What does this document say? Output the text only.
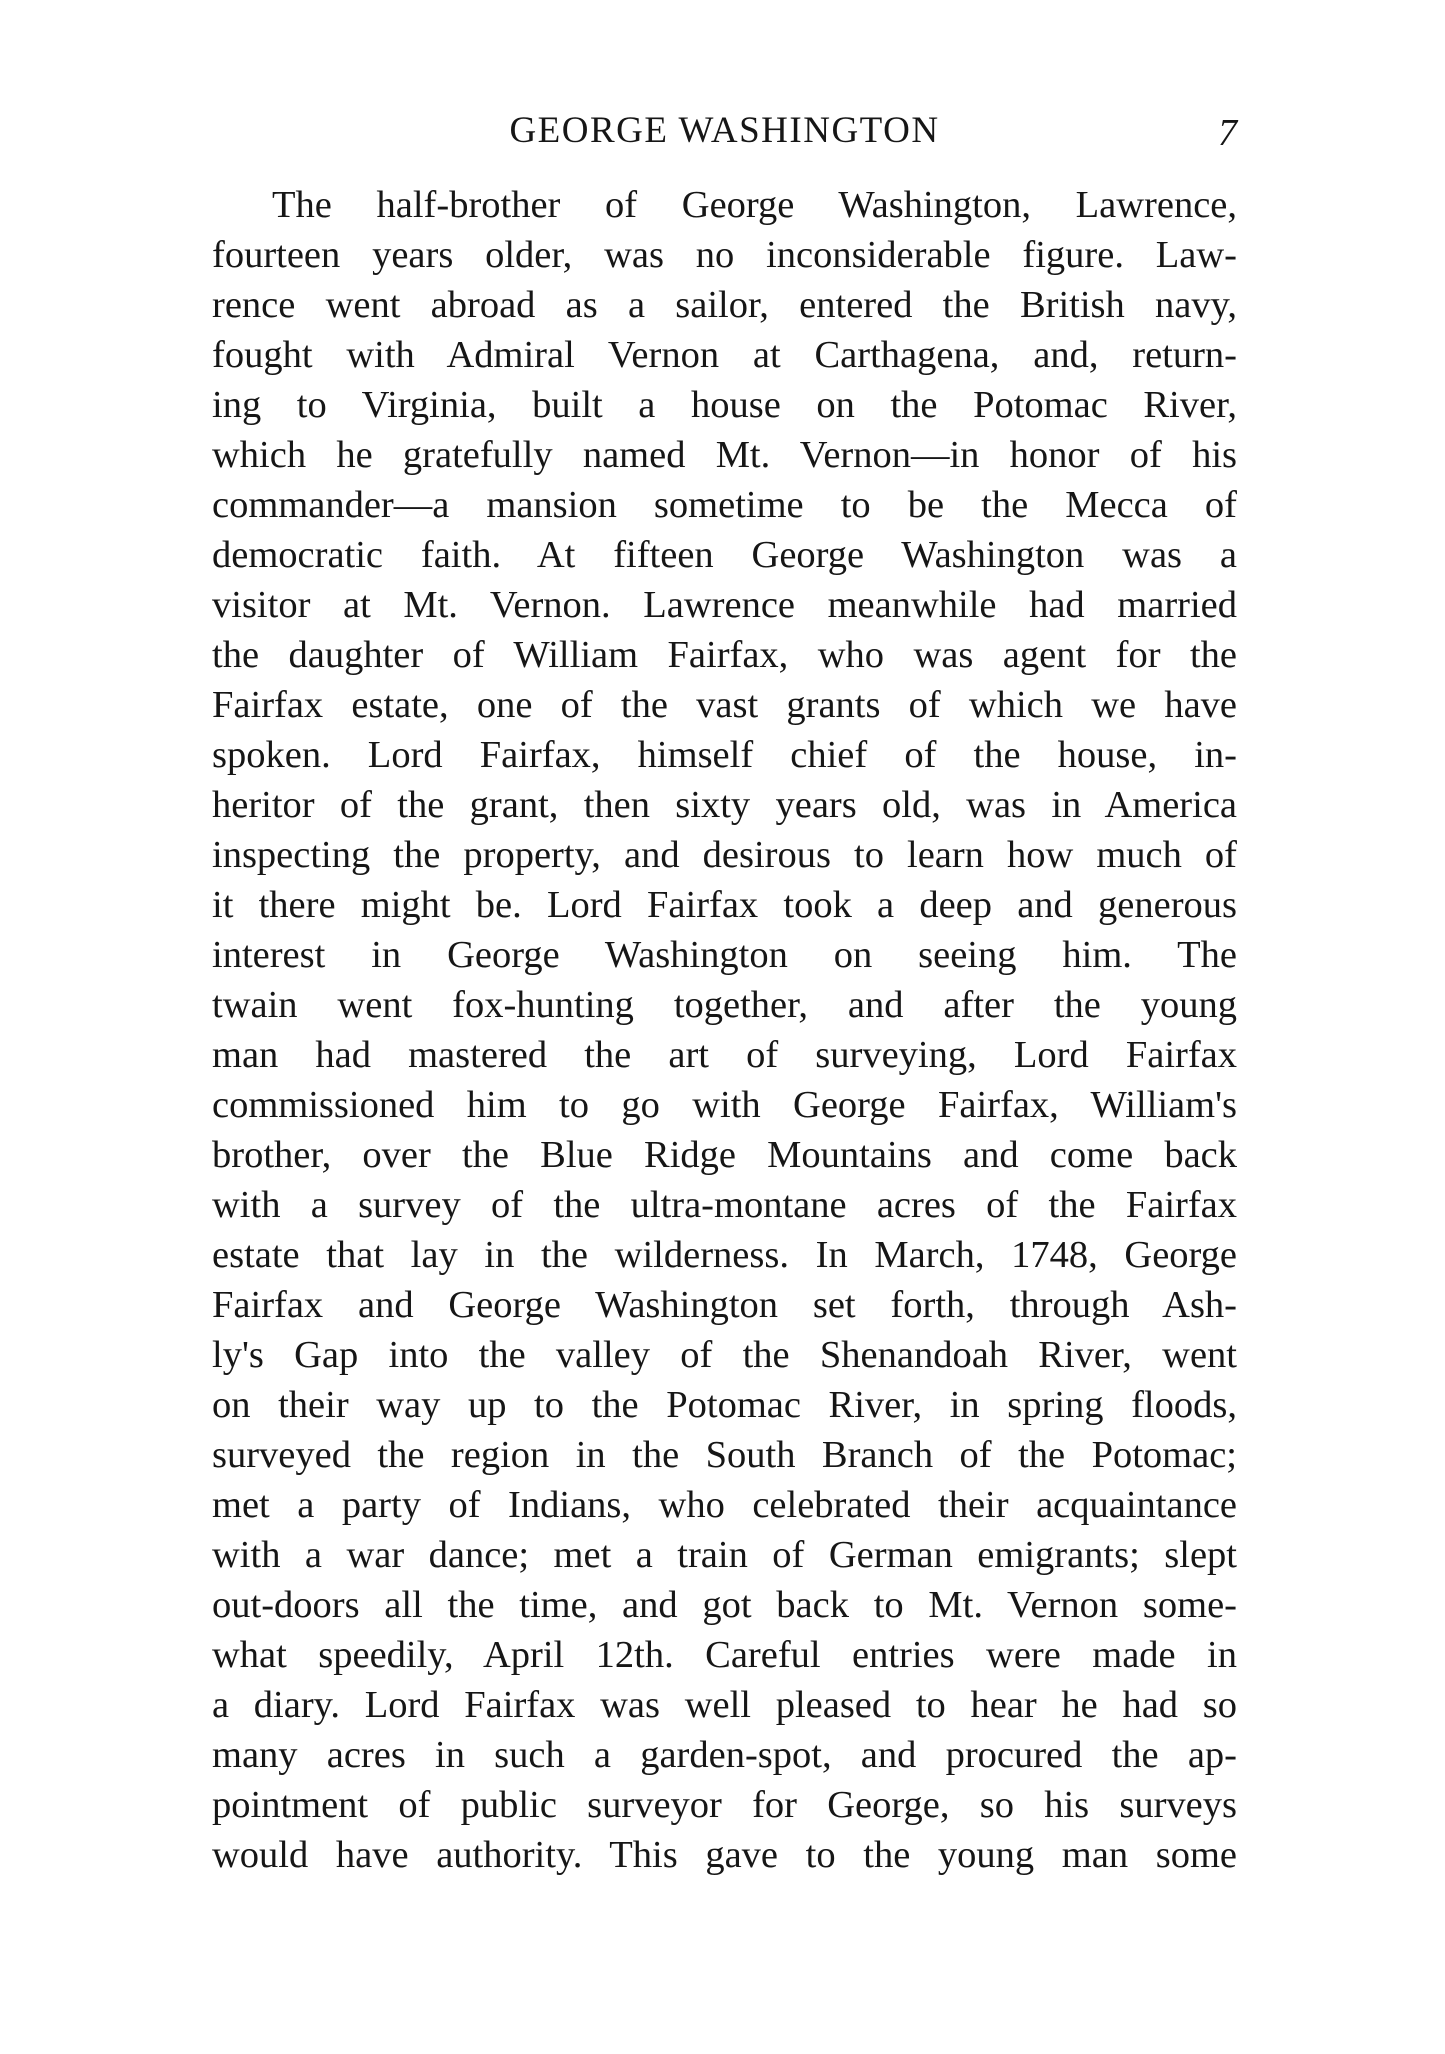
GEORGE WASHINGTON	7
The half-brother of George Washington, Lawrence,
fourteen years older, was no inconsiderable figure. Law-
rence went abroad as a sailor, entered the British navy,
fought with Admiral Vernon at Carthagena, and, return-
ing to Virginia, built a house on the Potomac River,
which he gratefully named Mt. Vernon—in honor of his
commander—a mansion sometime to be the Mecca of
democratic faith. At fifteen George Washington was a
visitor at Mt. Vernon. Lawrence meanwhile had married
the daughter of William Fairfax, who was agent for the
Fairfax estate, one of the vast grants of which we have
spoken. Lord Fairfax, himself chief of the house, in-
heritor of the grant, then sixty years old, was in America
inspecting the property, and desirous to learn how much of
it there might be. Lord Fairfax took a deep and generous
interest in George Washington on seeing him. The
twain went fox-hunting together, and after the young
man had mastered the art of surveying, Lord Fairfax
commissioned him to go with George Fairfax, William's
brother, over the Blue Ridge Mountains and come back
with a survey of the ultra-montane acres of the Fairfax
estate that lay in the wilderness. In March, 1748, George
Fairfax and George Washington set forth, through Ash-
ly's Gap into the valley of the Shenandoah River, went
on their way up to the Potomac River, in spring floods,
surveyed the region in the South Branch of the Potomac;
met a party of Indians, who celebrated their acquaintance
with a war dance; met a train of German emigrants; slept
out-doors all the time, and got back to Mt. Vernon some-
what speedily, April 12th. Careful entries were made in
a diary. Lord Fairfax was well pleased to hear he had so
many acres in such a garden-spot, and procured the ap-
pointment of public surveyor for George, so his surveys
would have authority. This gave to the young man some
